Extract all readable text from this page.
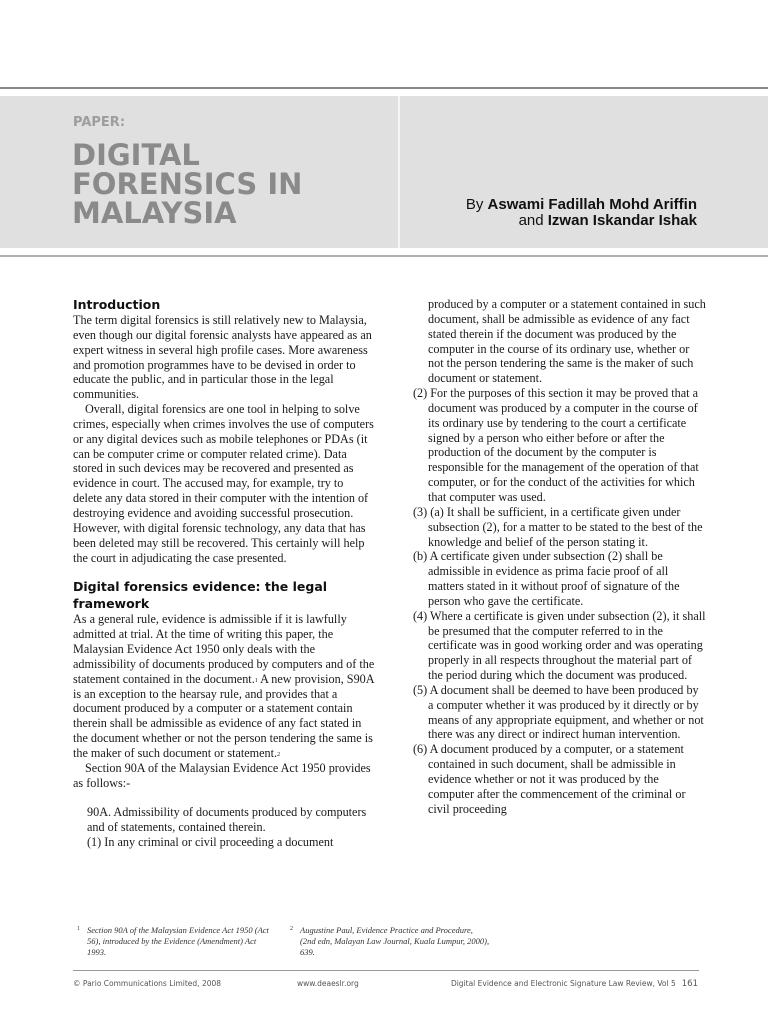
PAPER:
DIGITAL
FORENSICS IN
MALAYSIA	By Aswami Fadillah Mohd Ariffin
and Izwan Iskandar Ishak
Introduction

The term digital forensics is still relatively new to Malaysia, even though our digital forensic analysts have appeared as an expert witness in several high profile cases. More awareness and promotion programmes have to be devised in order to educate the public, and in particular those in the legal communities.

Overall, digital forensics are one tool in helping to solve crimes, especially when crimes involves the use of computers or any digital devices such as mobile telephones or PDAs (it can be computer crime or computer related crime). Data stored in such devices may be recovered and presented as evidence in court. The accused may, for example, try to delete any data stored in their computer with the intention of destroying evidence and avoiding successful prosecution. However, with digital forensic technology, any data that has been deleted may still be recovered. This certainly will help the court in adjudicating the case presented.

Digital forensics evidence: the legal framework

As a general rule, evidence is admissible if it is lawfully admitted at trial. At the time of writing this paper, the Malaysian Evidence Act 1950 only deals with the admissibility of documents produced by computers and of the statement contained in the document.$^1$ A new provision, S90A is an exception to the hearsay rule, and provides that a document produced by a computer or a statement contain therein shall be admissible as evidence of any fact stated in the document whether or not the person tendering the same is the maker of such document or statement.$^2$

Section 90A of the Malaysian Evidence Act 1950 provides as follows:-

90A. Admissibility of documents produced by computers and of statements, contained therein.

(1) In any criminal or civil proceeding a document

produced by a computer or a statement contained in such document, shall be admissible as evidence of any fact stated therein if the document was produced by the computer in the course of its ordinary use, whether or not the person tendering the same is the maker of such document or statement.

(2) For the purposes of this section it may be proved that a document was produced by a computer in the course of its ordinary use by tendering to the court a certificate signed by a person who either before or after the production of the document by the computer is responsible for the management of the operation of that computer, or for the conduct of the activities for which that computer was used.

(3) (a) It shall be sufficient, in a certificate given under subsection (2), for a matter to be stated to the best of the knowledge and belief of the person stating it.

(b) A certificate given under subsection (2) shall be admissible in evidence as prima facie proof of all matters stated in it without proof of signature of the person who gave the certificate.

(4) Where a certificate is given under subsection (2), it shall be presumed that the computer referred to in the certificate was in good working order and was operating properly in all respects throughout the material part of the period during which the document was produced.

(5) A document shall be deemed to have been produced by a computer whether it was produced by it directly or by means of any appropriate equipment, and whether or not there was any direct or indirect human intervention.

(6) A document produced by a computer, or a statement contained in such document, shall be admissible in evidence whether or not it was produced by the computer after the commencement of the criminal or civil proceeding

1 Section 90A of the Malaysian Evidence Act 1950 (Act 56), introduced by the Evidence (Amendment) Act 1993.
2 Augustine Paul, Evidence Practice and Procedure, (2nd edn, Malayan Law Journal, Kuala Lumpur, 2000), 639.
© Pario Communications Limited, 2008	www.deaeslr.org	Digital Evidence and Electronic Signature Law Review, Vol 5 161
